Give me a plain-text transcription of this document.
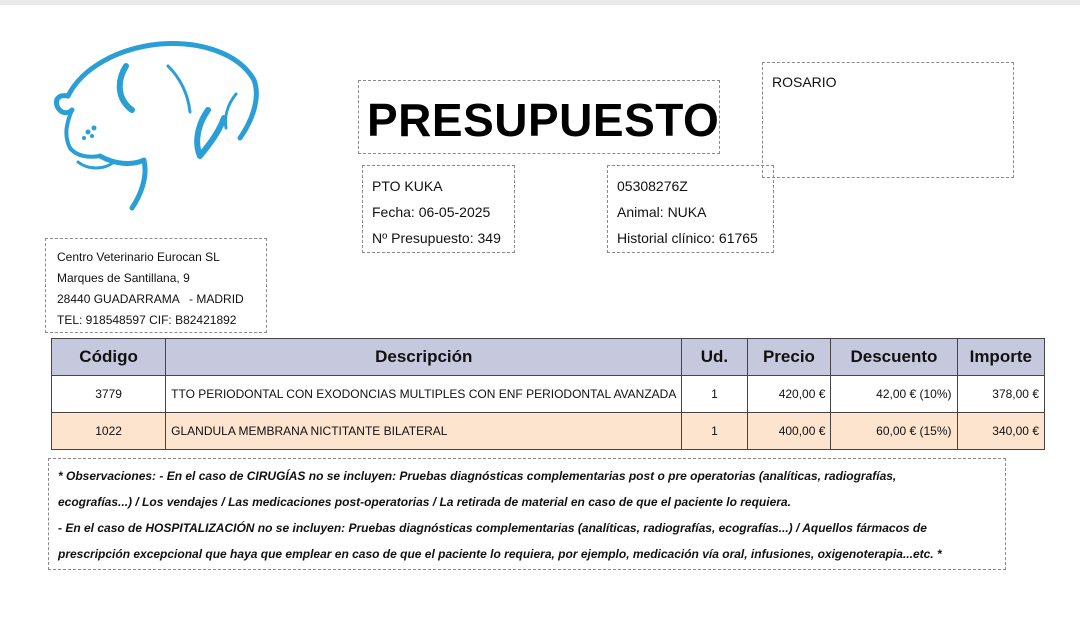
PRESUPUESTO
ROSARIO
PTO KUKA
Fecha: 06-05-2025
Nº Presupuesto: 349
05308276Z
Animal: NUKA
Historial clínico: 61765
Centro Veterinario Eurocan SL
Marques de Santillana, 9
28440 GUADARRAMA   - MADRID
TEL: 918548597 CIF: B82421892
Código	Descripción	Ud.	Precio	Descuento	Importe
3779	TTO PERIODONTAL CON EXODONCIAS MULTIPLES CON ENF PERIODONTAL AVANZADA	1	420,00 €	42,00 € (10%)	378,00 €
1022	GLANDULA MEMBRANA NICTITANTE BILATERAL	1	400,00 €	60,00 € (15%)	340,00 €

* Observaciones: - En el caso de CIRUGÍAS no se incluyen: Pruebas diagnósticas complementarias post o pre operatorias (analíticas, radiografías,

ecografías...) / Los vendajes / Las medicaciones post-operatorias / La retirada de material en caso de que el paciente lo requiera.

- En el caso de HOSPITALIZACIÓN no se incluyen: Pruebas diagnósticas complementarias (analíticas, radiografías, ecografías...) / Aquellos fármacos de

prescripción excepcional que haya que emplear en caso de que el paciente lo requiera, por ejemplo, medicación vía oral, infusiones, oxigenoterapia...etc. *
